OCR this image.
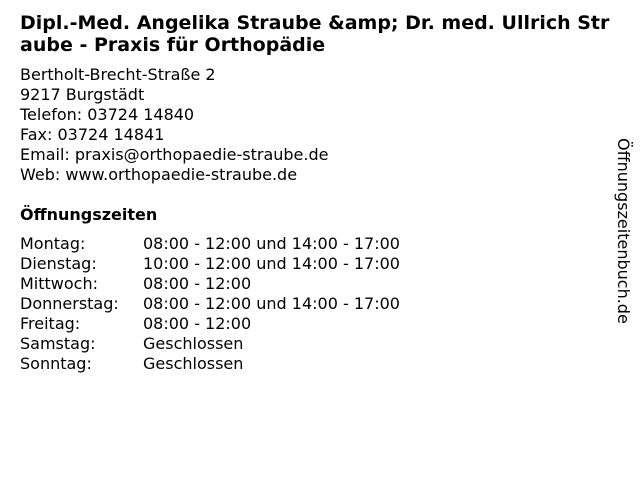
Dipl.-Med. Angelika Straube &amp; Dr. med. Ullrich Straube - Praxis für Orthopädie
Bertholt-Brecht-Straße 2
9217 Burgstädt
Telefon: 03724 14840
Fax: 03724 14841
Email: praxis@orthopaedie-straube.de
Web: www.orthopaedie-straube.de
Öffnungszeiten
Montag:	08:00 - 12:00 und 14:00 - 17:00
Dienstag:	10:00 - 12:00 und 14:00 - 17:00
Mittwoch:	08:00 - 12:00
Donnerstag:	08:00 - 12:00 und 14:00 - 17:00
Freitag:	08:00 - 12:00
Samstag:	Geschlossen
Sonntag:	Geschlossen
Öffnungszeitenbuch.de
